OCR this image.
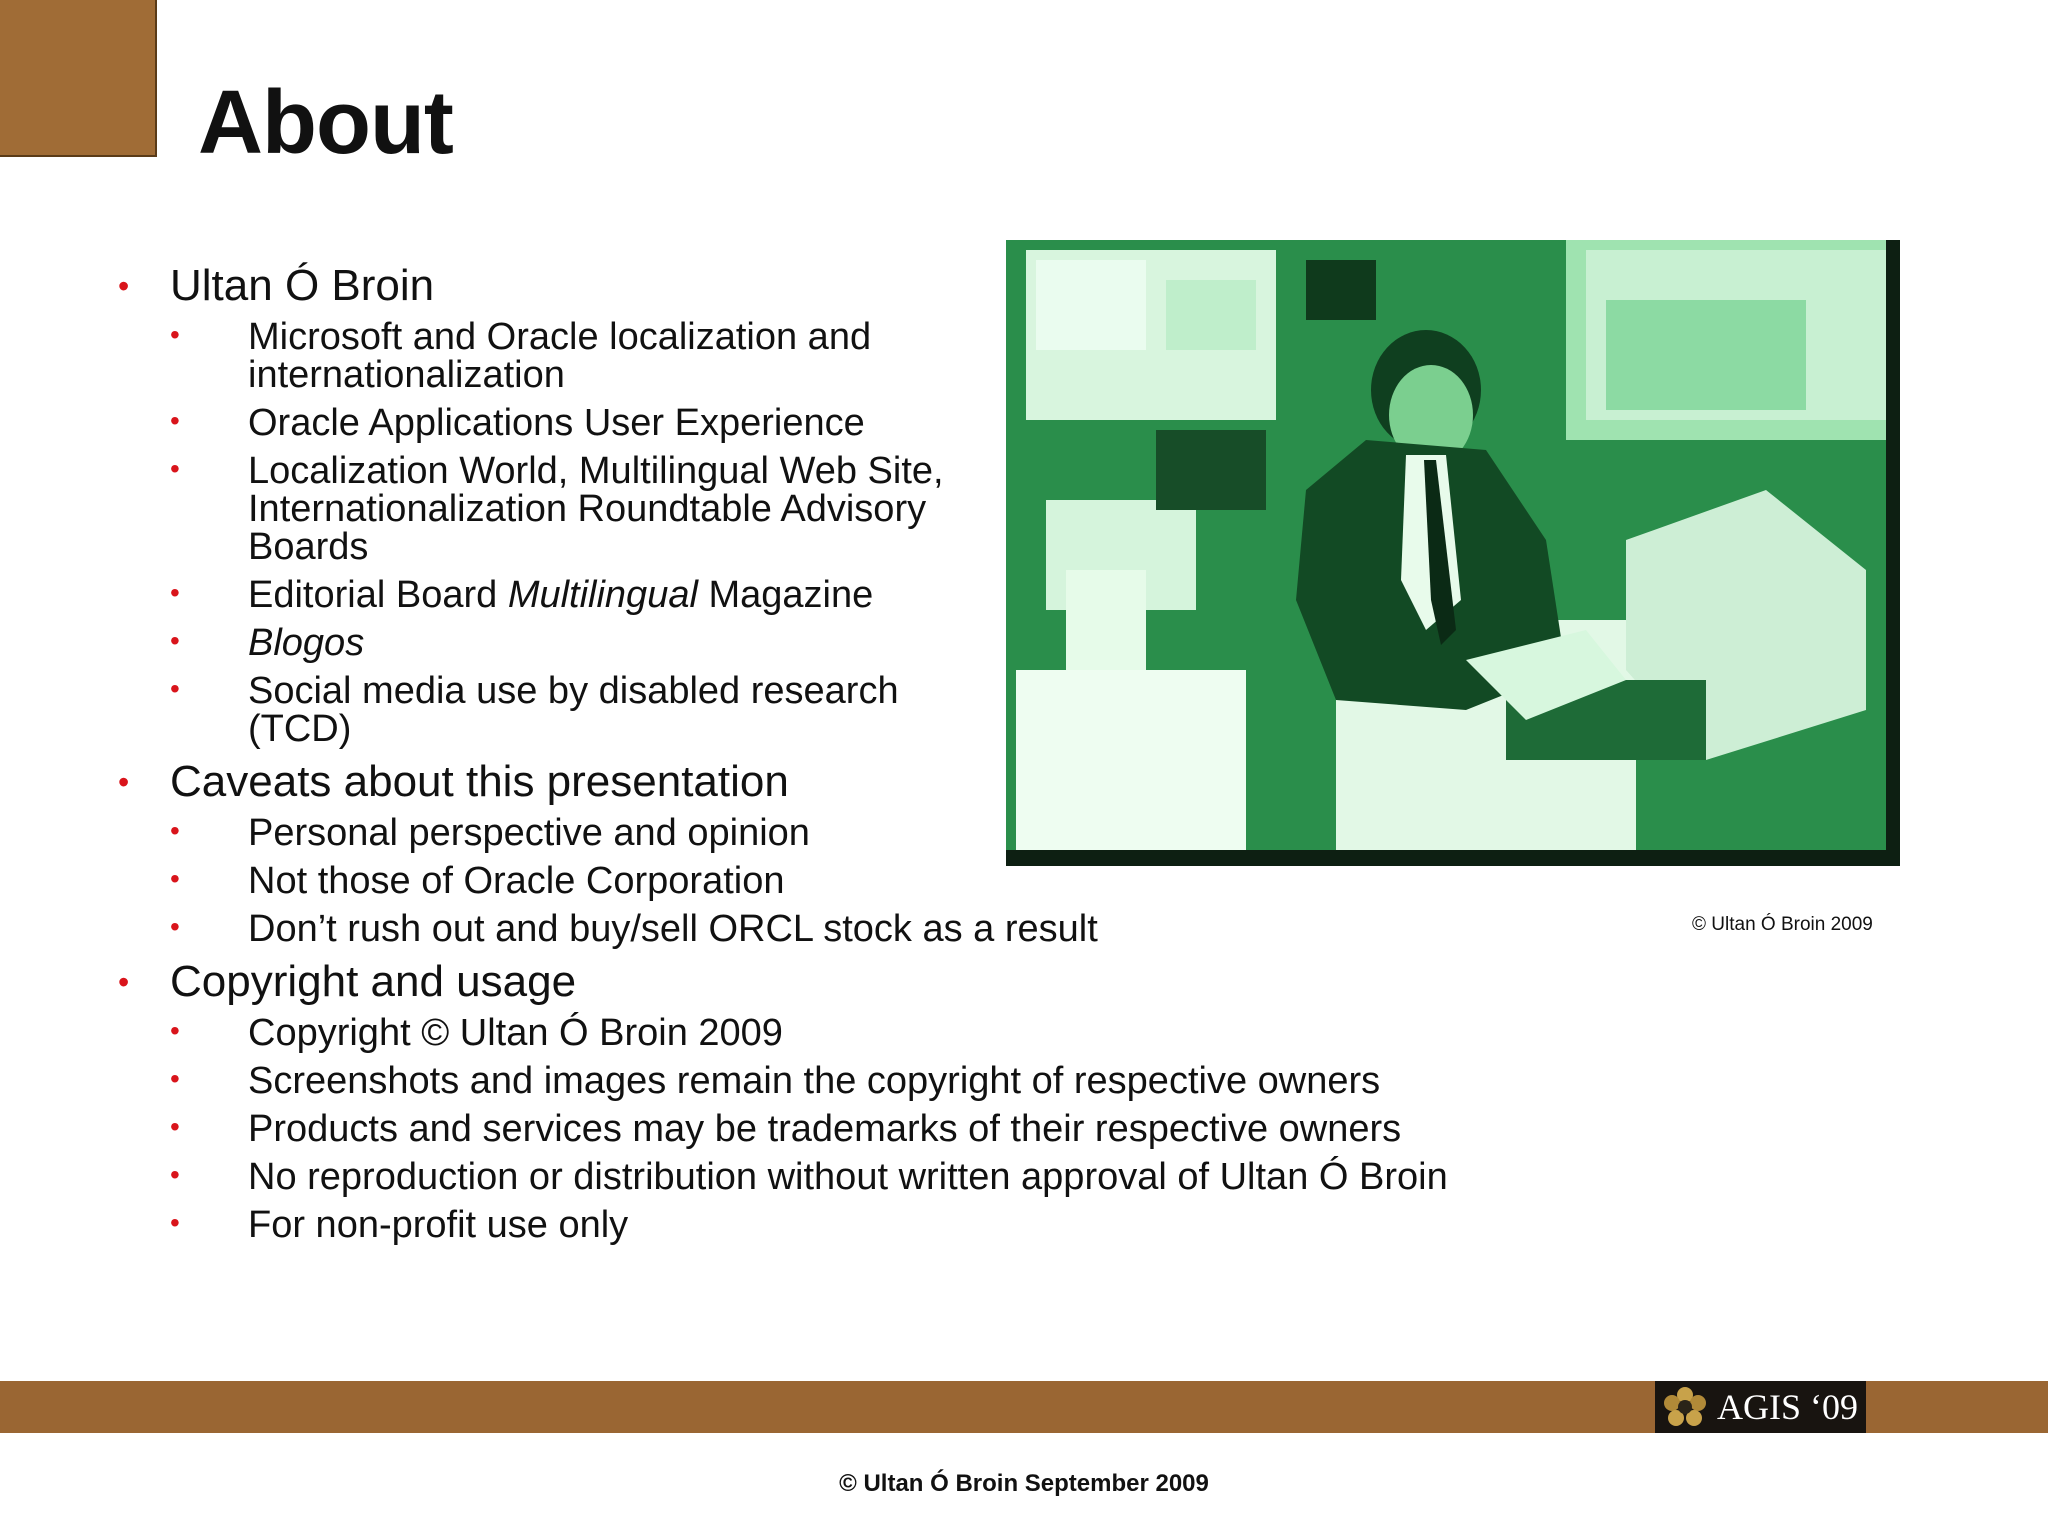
About
• Ultan Ó Broin
• Microsoft and Oracle localization and internationalization
• Oracle Applications User Experience
• Localization World, Multilingual Web Site, Internationalization Roundtable Advisory Boards
• Editorial Board Multilingual Magazine
• Blogos
• Social media use by disabled research (TCD)
• Caveats about this presentation
• Personal perspective and opinion
• Not those of Oracle Corporation
• Don’t rush out and buy/sell ORCL stock as a result
• Copyright and usage
• Copyright © Ultan Ó Broin 2009
• Screenshots and images remain the copyright of respective owners
• Products and services may be trademarks of their respective owners
• No reproduction or distribution without written approval of Ultan Ó Broin
• For non-profit use only
© Ultan Ó Broin 2009
AGIS ‘09
© Ultan Ó Broin September 2009
